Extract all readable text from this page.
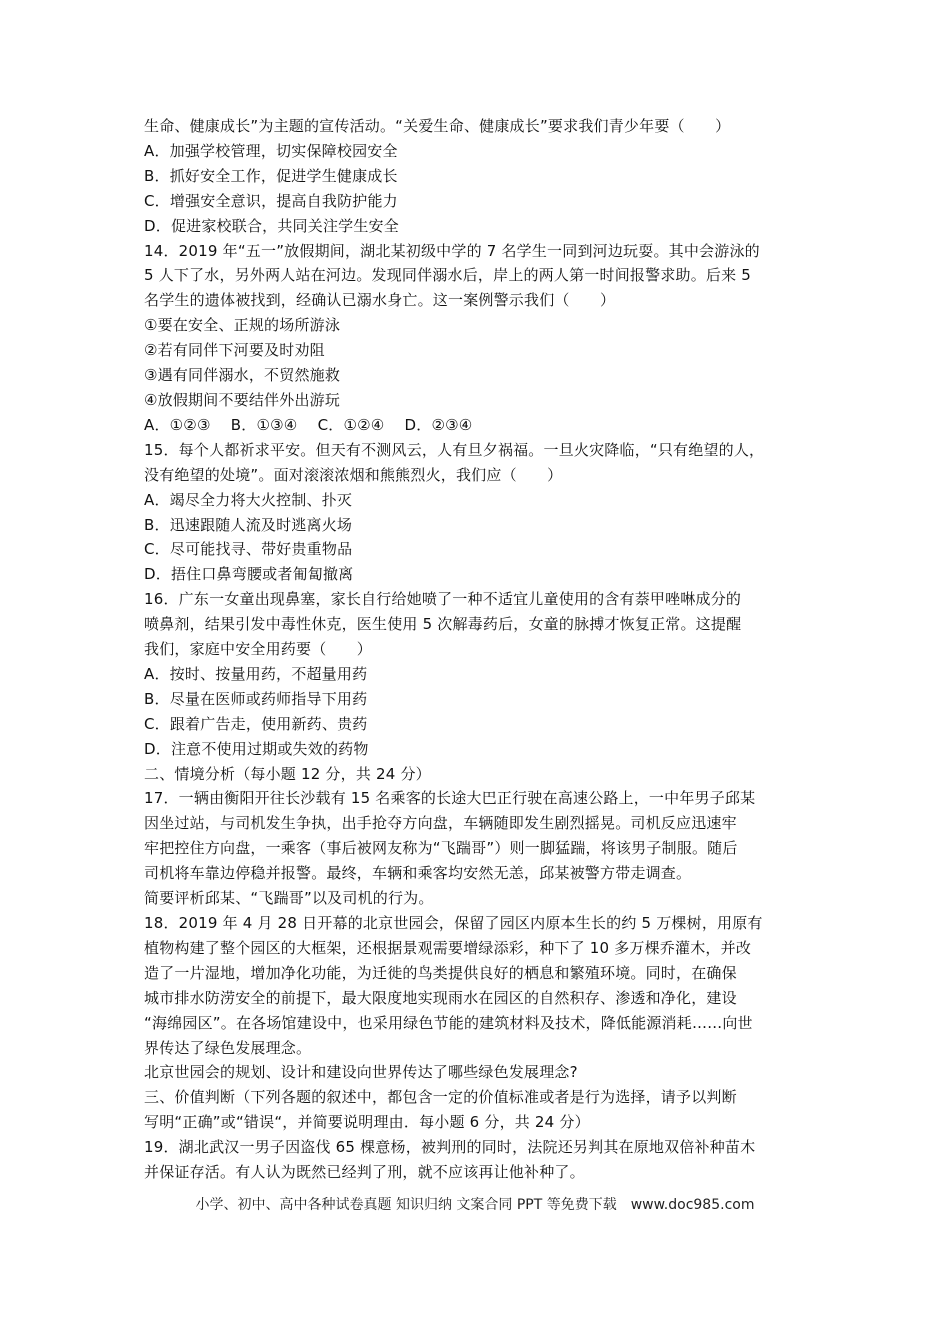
生命、健康成长”为主题的宣传活动。“关爱生命、健康成长”要求我们青少年要（　　）
A．加强学校管理，切实保障校园安全
B．抓好安全工作，促进学生健康成长
C．增强安全意识，提高自我防护能力
D．促进家校联合，共同关注学生安全
14．2019 年“五一”放假期间，湖北某初级中学的 7 名学生一同到河边玩耍。其中会游泳的
5 人下了水，另外两人站在河边。发现同伴溺水后，岸上的两人第一时间报警求助。后来 5
名学生的遗体被找到，经确认已溺水身亡。这一案例警示我们（　　）
①要在安全、正规的场所游泳
②若有同伴下河要及时劝阻
③遇有同伴溺水，不贸然施救
④放假期间不要结伴外出游玩
A．①②③　 B．①③④　 C．①②④　 D．②③④
15．每个人都祈求平安。但天有不测风云，人有旦夕祸福。一旦火灾降临，“只有绝望的人，
没有绝望的处境”。面对滚滚浓烟和熊熊烈火，我们应（　　）
A．竭尽全力将大火控制、扑灭
B．迅速跟随人流及时逃离火场
C．尽可能找寻、带好贵重物品
D．捂住口鼻弯腰或者匍匐撤离
16．广东一女童出现鼻塞，家长自行给她喷了一种不适宜儿童使用的含有萘甲唑啉成分的
喷鼻剂，结果引发中毒性休克，医生使用 5 次解毒药后，女童的脉搏才恢复正常。这提醒
我们，家庭中安全用药要（　　）
A．按时、按量用药，不超量用药
B．尽量在医师或药师指导下用药
C．跟着广告走，使用新药、贵药
D．注意不使用过期或失效的药物
二、情境分析（每小题 12 分，共 24 分）
17．一辆由衡阳开往长沙载有 15 名乘客的长途大巴正行驶在高速公路上，一中年男子邱某
因坐过站，与司机发生争执，出手抢夺方向盘，车辆随即发生剧烈摇晃。司机反应迅速牢
牢把控住方向盘，一乘客（事后被网友称为“飞踹哥”）则一脚猛踹，将该男子制服。随后
司机将车靠边停稳并报警。最终，车辆和乘客均安然无恙，邱某被警方带走调查。
简要评析邱某、“飞踹哥”以及司机的行为。
18．2019 年 4 月 28 日开幕的北京世园会，保留了园区内原本生长的约 5 万棵树，用原有
植物构建了整个园区的大框架，还根据景观需要增绿添彩，种下了 10 多万棵乔灌木，并改
造了一片湿地，增加净化功能，为迁徙的鸟类提供良好的栖息和繁殖环境。同时，在确保
城市排水防涝安全的前提下，最大限度地实现雨水在园区的自然积存、渗透和净化，建设
“海绵园区”。在各场馆建设中，也采用绿色节能的建筑材料及技术，降低能源消耗……向世
界传达了绿色发展理念。
北京世园会的规划、设计和建设向世界传达了哪些绿色发展理念?
三、价值判断（下列各题的叙述中，都包含一定的价值标准或者是行为选择，请予以判断
写明“正确”或“错误“，并简要说明理由．每小题 6 分，共 24 分）
19．湖北武汉一男子因盗伐 65 棵意杨，被判刑的同时，法院还另判其在原地双倍补种苗木
并保证存活。有人认为既然已经判了刑，就不应该再让他补种了。
小学、初中、高中各种试卷真题 知识归纳 文案合同 PPT 等免费下载　www.doc985.com
